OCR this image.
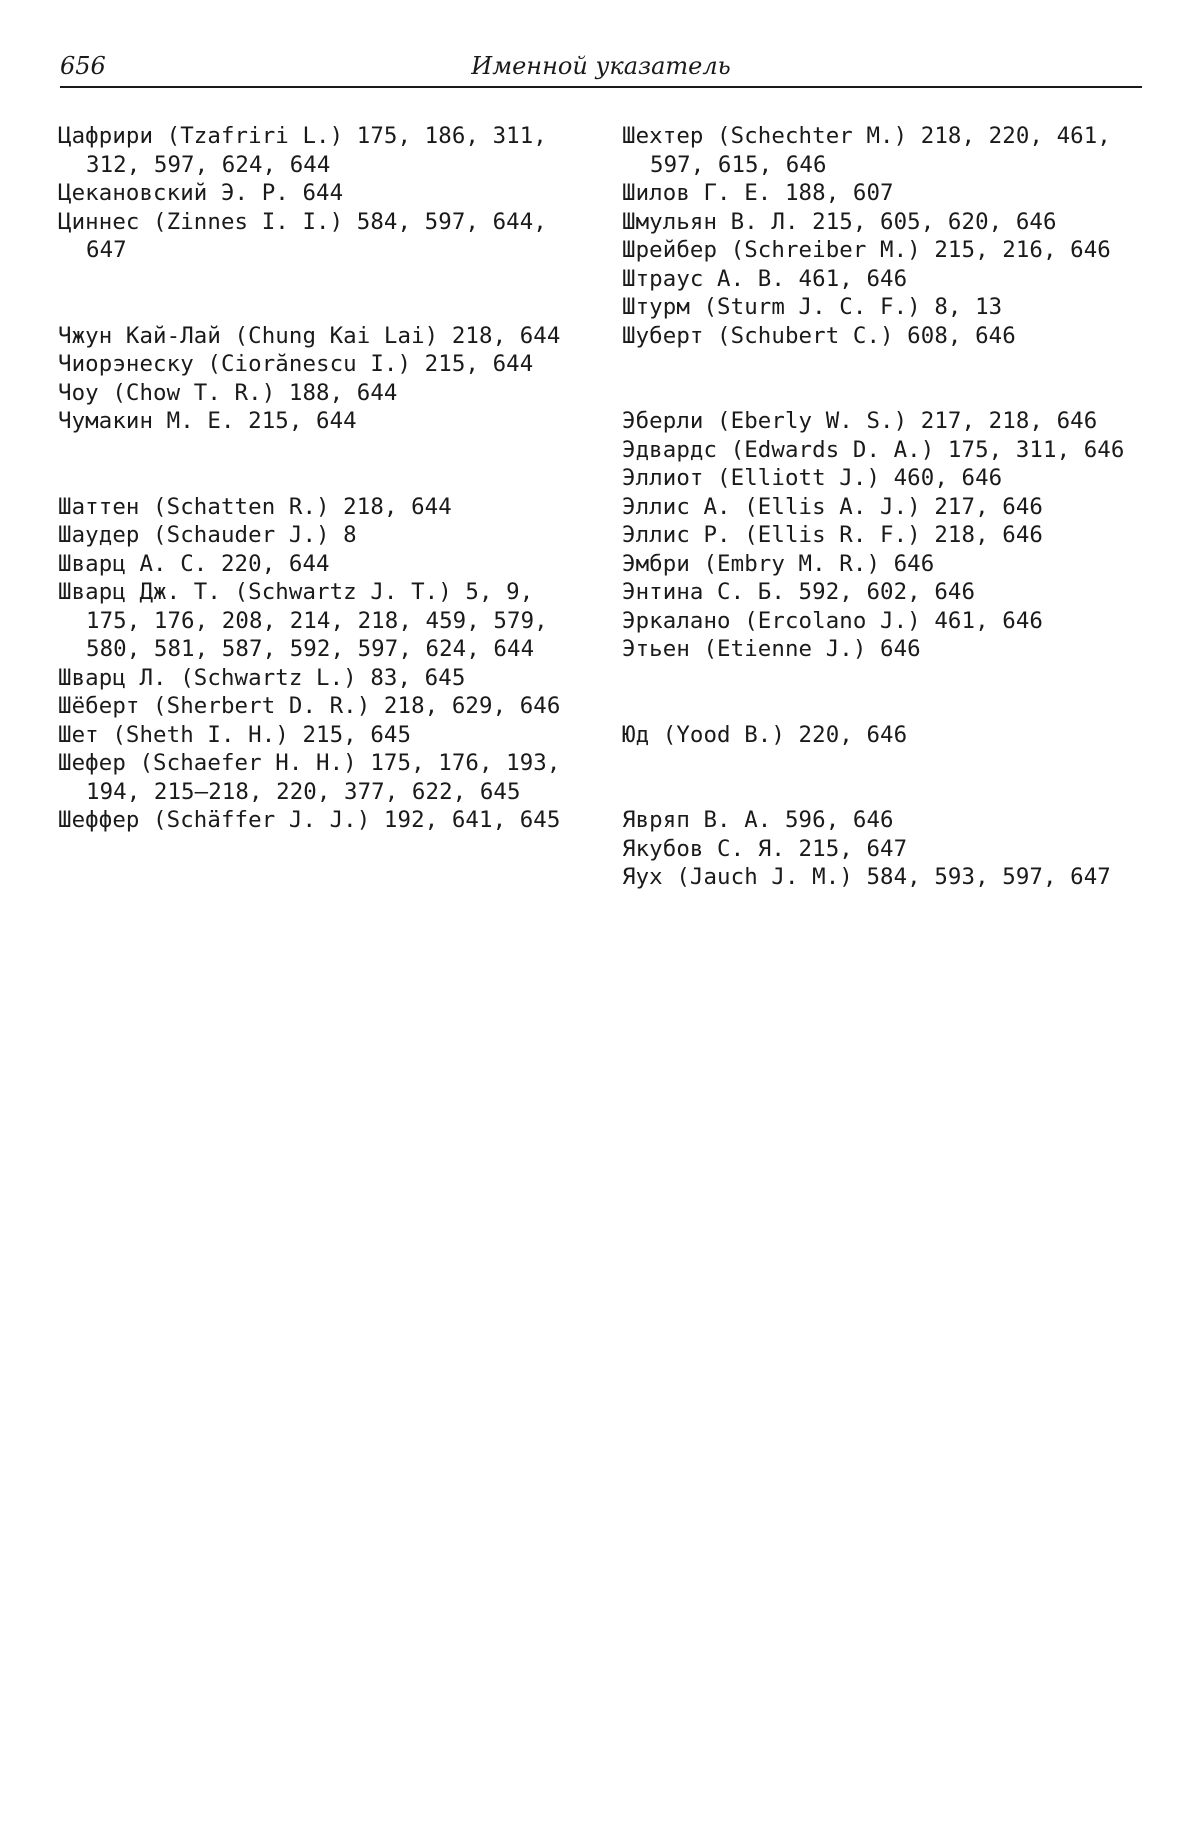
656	Именной указатель
Цафрири (Tzafriri L.) 175, 186, 311, 312, 597, 624, 644
Цекановский Э. Р. 644
Циннес (Zinnes I. I.) 584, 597, 644, 647
Чжун Кай-Лай (Chung Kai Lai) 218, 644
Чиорэнеску (Ciorănescu I.) 215, 644
Чоу (Chow T. R.) 188, 644
Чумакин М. Е. 215, 644
Шаттен (Schatten R.) 218, 644
Шаудер (Schauder J.) 8
Шварц А. С. 220, 644
Шварц Дж. Т. (Schwartz J. T.) 5, 9, 175, 176, 208, 214, 218, 459, 579, 580, 581, 587, 592, 597, 624, 644
Шварц Л. (Schwartz L.) 83, 645
Шёберт (Sherbert D. R.) 218, 629, 646
Шет (Sheth I. H.) 215, 645
Шефер (Schaefer H. H.) 175, 176, 193, 194, 215—218, 220, 377, 622, 645
Шеффер (Schäffer J. J.) 192, 641, 645
Шехтер (Schechter M.) 218, 220, 461, 597, 615, 646
Шилов Г. Е. 188, 607
Шмульян В. Л. 215, 605, 620, 646
Шрейбер (Schreiber M.) 215, 216, 646
Штраус А. В. 461, 646
Штурм (Sturm J. C. F.) 8, 13
Шуберт (Schubert C.) 608, 646
Эберли (Eberly W. S.) 217, 218, 646
Эдвардс (Edwards D. A.) 175, 311, 646
Эллиот (Elliott J.) 460, 646
Эллис А. (Ellis A. J.) 217, 646
Эллис Р. (Ellis R. F.) 218, 646
Эмбри (Embry M. R.) 646
Энтина С. Б. 592, 602, 646
Эркалано (Ercolano J.) 461, 646
Этьен (Etienne J.) 646
Юд (Yood B.) 220, 646
Явряп В. А. 596, 646
Якубов С. Я. 215, 647
Яух (Jauch J. M.) 584, 593, 597, 647
